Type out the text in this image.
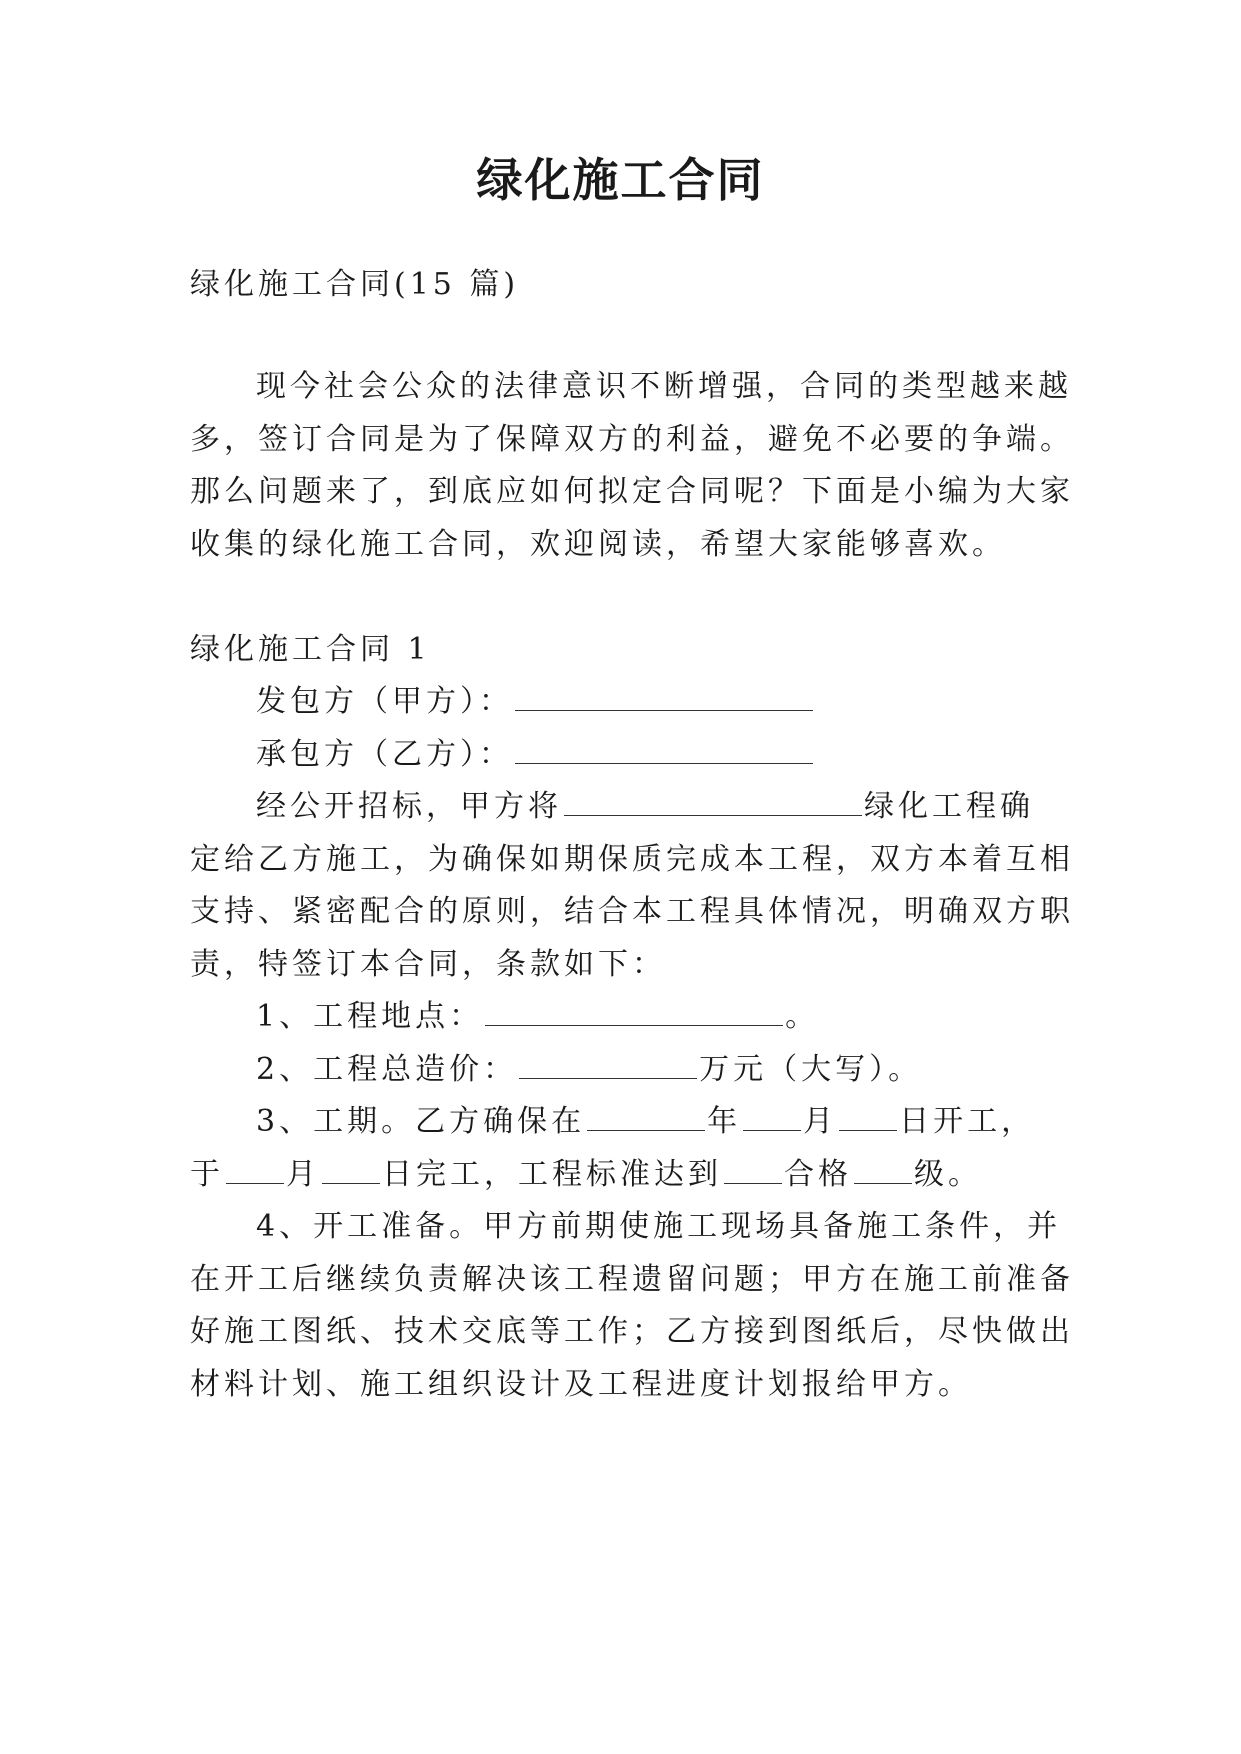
绿化施工合同
绿化施工合同(15 篇)
现今社会公众的法律意识不断增强，合同的类型越来越
多，签订合同是为了保障双方的利益，避免不必要的争端。
那么问题来了，到底应如何拟定合同呢？下面是小编为大家
收集的绿化施工合同，欢迎阅读，希望大家能够喜欢。
绿化施工合同 1
发包方（甲方）：
承包方（乙方）：
经公开招标，甲方将	绿化工程确
定给乙方施工，为确保如期保质完成本工程，双方本着互相
支持、紧密配合的原则，结合本工程具体情况，明确双方职
责，特签订本合同，条款如下：
1、工程地点：	。
2、工程总造价：	万元（大写）。
3、工期。乙方确保在	年 月 日开工，
于 月 日完工，工程标准达到 合格 级。
4、开工准备。甲方前期使施工现场具备施工条件，并
在开工后继续负责解决该工程遗留问题；甲方在施工前准备
好施工图纸、技术交底等工作；乙方接到图纸后，尽快做出
材料计划、施工组织设计及工程进度计划报给甲方。
